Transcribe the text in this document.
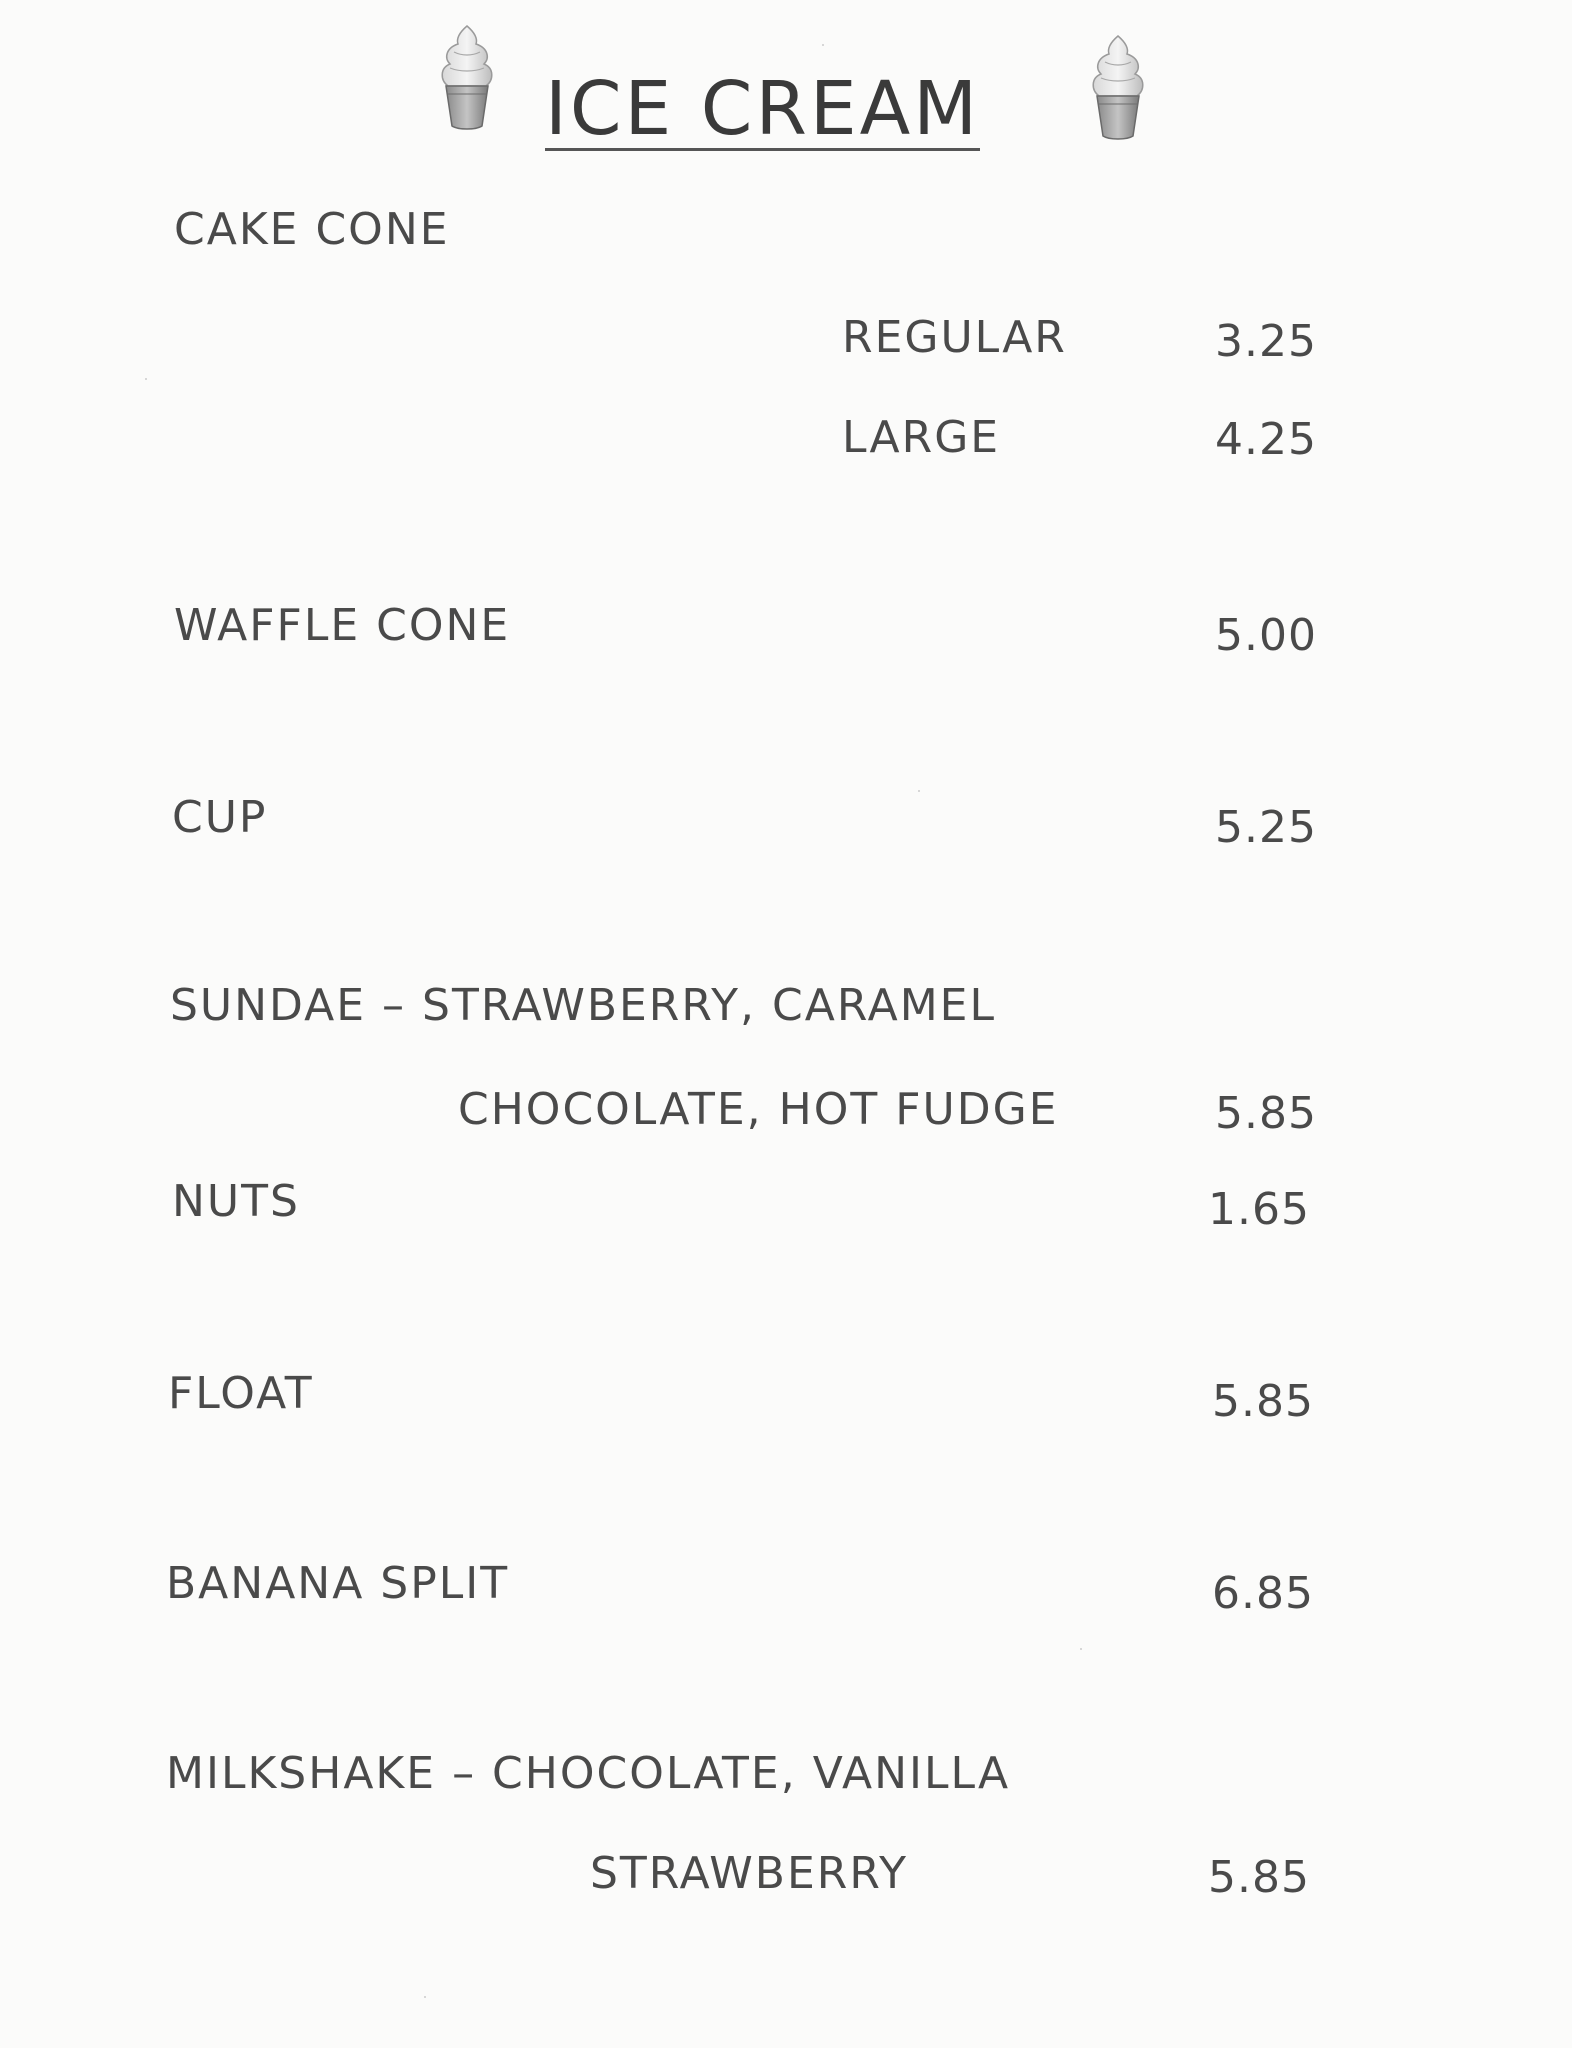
ICE CREAM
CAKE CONE
REGULAR	3.25
LARGE	4.25
WAFFLE CONE	5.00
CUP	5.25
SUNDAE – STRAWBERRY, CARAMEL
CHOCOLATE, HOT FUDGE	5.85
NUTS	1.65
FLOAT	5.85
BANANA SPLIT	6.85
MILKSHAKE – CHOCOLATE, VANILLA
STRAWBERRY	5.85
